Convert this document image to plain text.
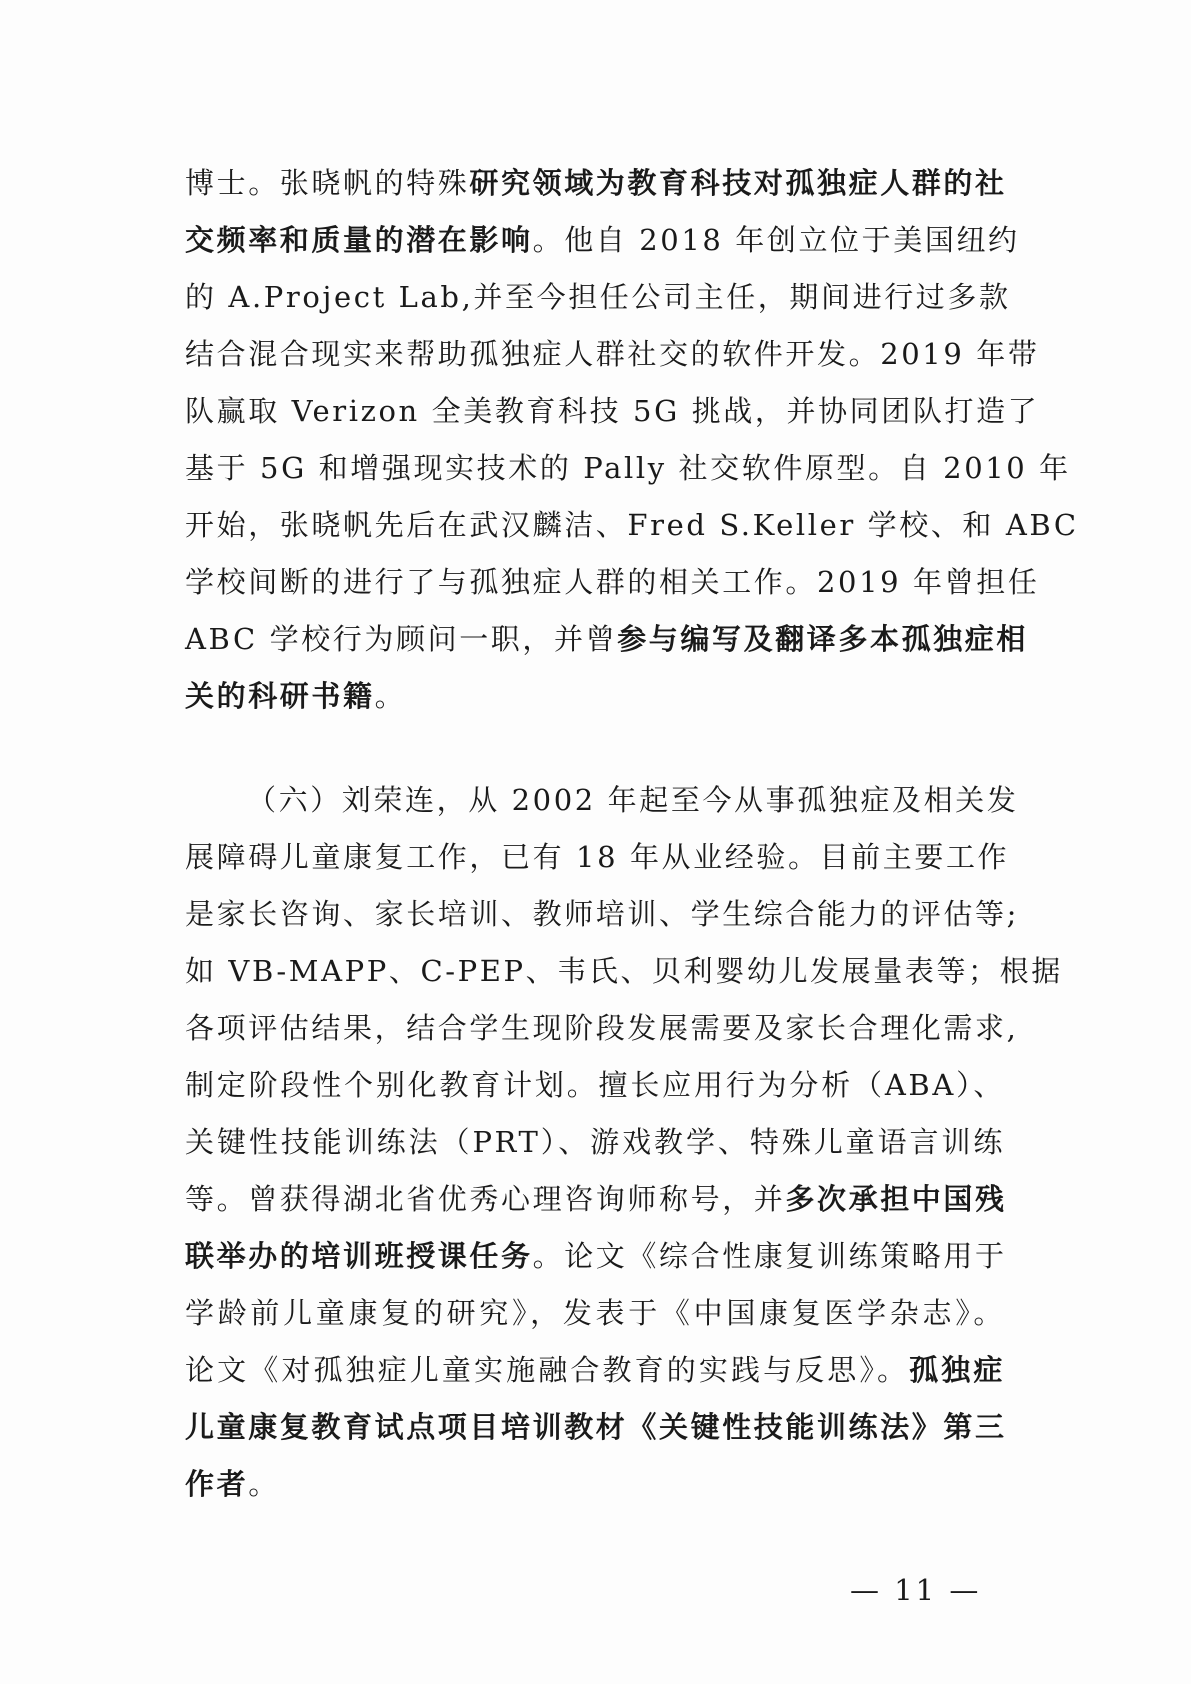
博士。张晓帆的特殊研究领域为教育科技对孤独症人群的社
交频率和质量的潜在影响。他自 2018 年创立位于美国纽约
的 A.Project Lab,并至今担任公司主任，期间进行过多款
结合混合现实来帮助孤独症人群社交的软件开发。2019 年带
队赢取 Verizon 全美教育科技 5G 挑战，并协同团队打造了
基于 5G 和增强现实技术的 Pally 社交软件原型。自 2010 年
开始，张晓帆先后在武汉麟洁、Fred S.Keller 学校、和 ABC
学校间断的进行了与孤独症人群的相关工作。2019 年曾担任
ABC 学校行为顾问一职，并曾参与编写及翻译多本孤独症相
关的科研书籍。
（六）刘荣连，从 2002 年起至今从事孤独症及相关发
展障碍儿童康复工作，已有 18 年从业经验。目前主要工作
是家长咨询、家长培训、教师培训、学生综合能力的评估等;
如 VB-MAPP、C-PEP、韦氏、贝利婴幼儿发展量表等；根据
各项评估结果，结合学生现阶段发展需要及家长合理化需求,
制定阶段性个别化教育计划。擅长应用行为分析（ABA）、
关键性技能训练法（PRT）、游戏教学、特殊儿童语言训练
等。曾获得湖北省优秀心理咨询师称号，并多次承担中国残
联举办的培训班授课任务。论文《综合性康复训练策略用于
学龄前儿童康复的研究》，发表于《中国康复医学杂志》。
论文《对孤独症儿童实施融合教育的实践与反思》。孤独症
儿童康复教育试点项目培训教材《关键性技能训练法》第三
作者。
— 11 —
